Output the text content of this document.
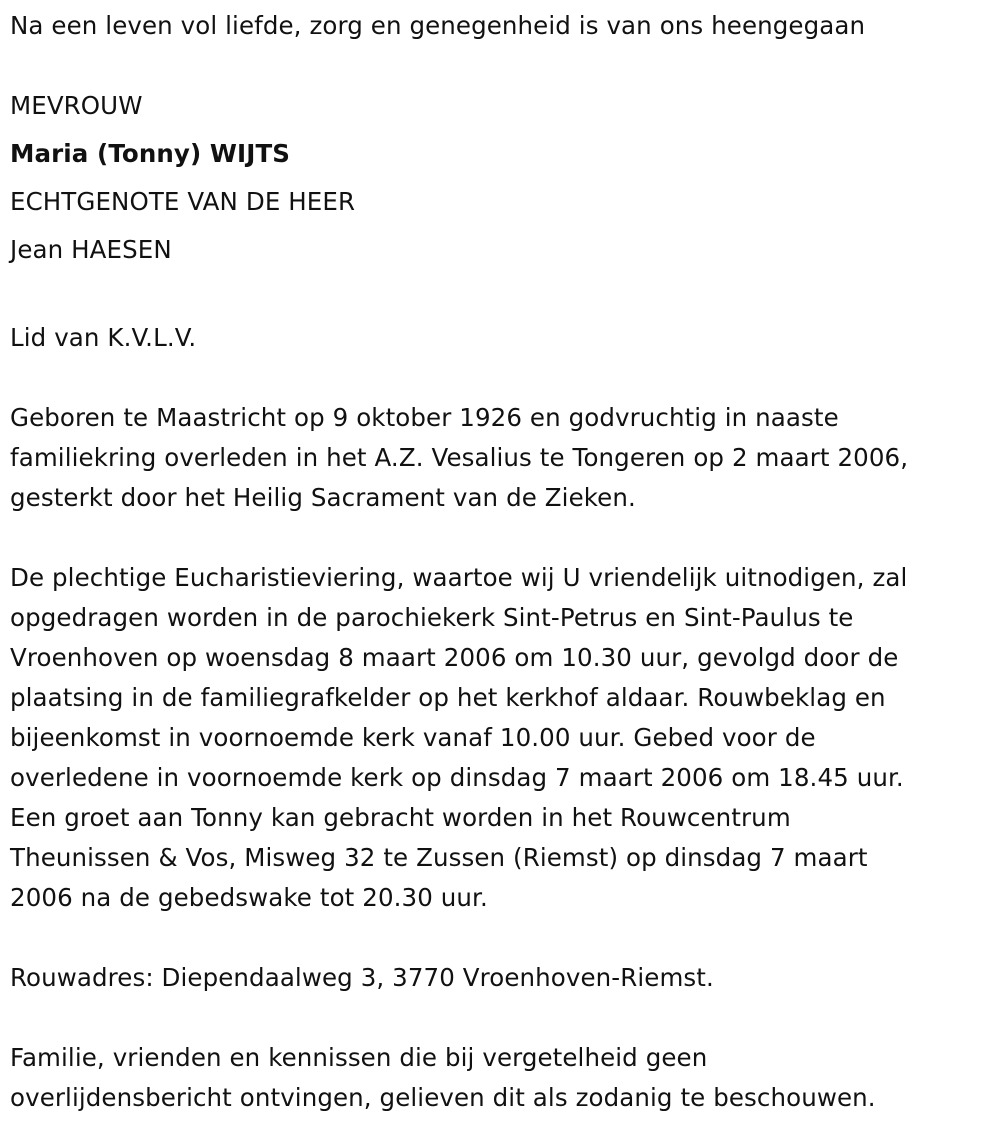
Na een leven vol liefde, zorg en genegenheid is van ons heengegaan
MEVROUW
Maria (Tonny) WIJTS
ECHTGENOTE VAN DE HEER
Jean HAESEN
Lid van K.V.L.V.
Geboren te Maastricht op 9 oktober 1926 en godvruchtig in naaste
familiekring overleden in het A.Z. Vesalius te Tongeren op 2 maart 2006,
gesterkt door het Heilig Sacrament van de Zieken.
De plechtige Eucharistieviering, waartoe wij U vriendelijk uitnodigen, zal
opgedragen worden in de parochiekerk Sint-Petrus en Sint-Paulus te
Vroenhoven op woensdag 8 maart 2006 om 10.30 uur, gevolgd door de
plaatsing in de familiegrafkelder op het kerkhof aldaar. Rouwbeklag en
bijeenkomst in voornoemde kerk vanaf 10.00 uur. Gebed voor de
overledene in voornoemde kerk op dinsdag 7 maart 2006 om 18.45 uur.
Een groet aan Tonny kan gebracht worden in het Rouwcentrum
Theunissen & Vos, Misweg 32 te Zussen (Riemst) op dinsdag 7 maart
2006 na de gebedswake tot 20.30 uur.
Rouwadres: Diependaalweg 3, 3770 Vroenhoven-Riemst.
Familie, vrienden en kennissen die bij vergetelheid geen
overlijdensbericht ontvingen, gelieven dit als zodanig te beschouwen.
